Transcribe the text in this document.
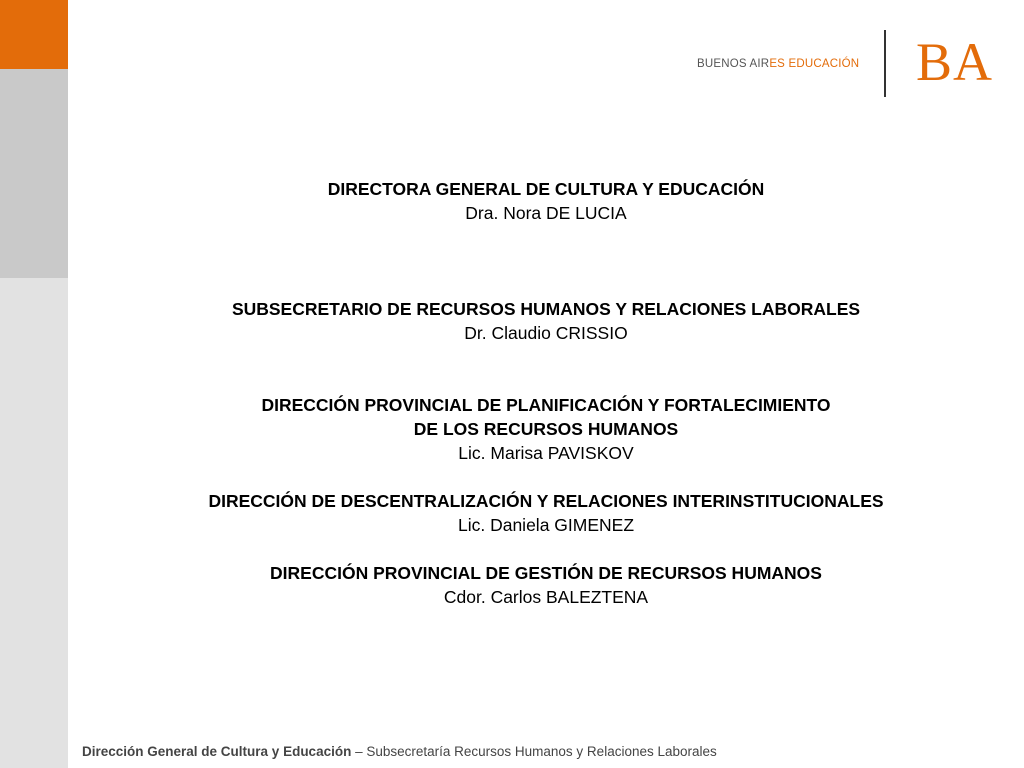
BUENOS AIRES EDUCACIÓN BA
DIRECTORA GENERAL DE CULTURA Y EDUCACIÓN
Dra. Nora DE LUCIA
SUBSECRETARIO DE RECURSOS HUMANOS Y RELACIONES LABORALES
Dr. Claudio CRISSIO
DIRECCIÓN PROVINCIAL DE PLANIFICACIÓN Y FORTALECIMIENTO
DE LOS RECURSOS HUMANOS
Lic. Marisa PAVISKOV
DIRECCIÓN DE DESCENTRALIZACIÓN Y RELACIONES INTERINSTITUCIONALES
Lic. Daniela GIMENEZ
DIRECCIÓN PROVINCIAL DE GESTIÓN DE RECURSOS HUMANOS
Cdor. Carlos BALEZTENA
Dirección General de Cultura y Educación – Subsecretaría Recursos Humanos y Relaciones Laborales
